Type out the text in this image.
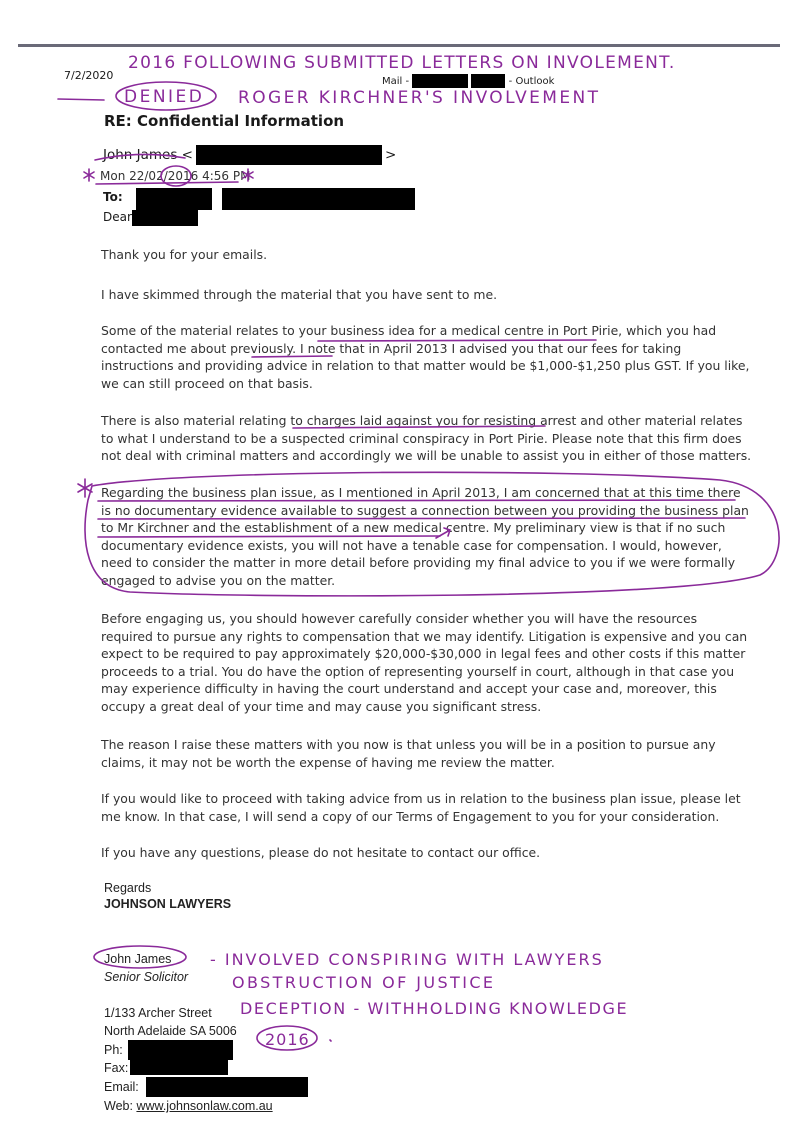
7/2/2020	Mail -	- Outlook
2016 FOLLOWING SUBMITTED LETTERS ON INVOLEMENT.
DENIED ROGER KIRCHNER'S INVOLVEMENT
RE: Confidential Information
John James <	>
Mon 22/02/2016 4:56 PM
To:
Dear
Thank you for your emails.
I have skimmed through the material that you have sent to me.
Some of the material relates to your business idea for a medical centre in Port Pirie, which you had contacted me about previously. I note that in April 2013 I advised you that our fees for taking instructions and providing advice in relation to that matter would be $1,000-$1,250 plus GST. If you like, we can still proceed on that basis.
There is also material relating to charges laid against you for resisting arrest and other material relates to what I understand to be a suspected criminal conspiracy in Port Pirie. Please note that this firm does not deal with criminal matters and accordingly we will be unable to assist you in either of those matters.
Regarding the business plan issue, as I mentioned in April 2013, I am concerned that at this time there is no documentary evidence available to suggest a connection between you providing the business plan to Mr Kirchner and the establishment of a new medical centre. My preliminary view is that if no such documentary evidence exists, you will not have a tenable case for compensation. I would, however, need to consider the matter in more detail before providing my final advice to you if we were formally engaged to advise you on the matter.
Before engaging us, you should however carefully consider whether you will have the resources required to pursue any rights to compensation that we may identify. Litigation is expensive and you can expect to be required to pay approximately $20,000-$30,000 in legal fees and other costs if this matter proceeds to a trial. You do have the option of representing yourself in court, although in that case you may experience difficulty in having the court understand and accept your case and, moreover, this occupy a great deal of your time and may cause you significant stress.
The reason I raise these matters with you now is that unless you will be in a position to pursue any claims, it may not be worth the expense of having me review the matter.
If you would like to proceed with taking advice from us in relation to the business plan issue, please let me know. In that case, I will send a copy of our Terms of Engagement to you for your consideration.
If you have any questions, please do not hesitate to contact our office.
Regards
JOHNSON LAWYERS
John James
Senior Solicitor
1/133 Archer Street
North Adelaide SA 5006
Ph:
Fax:
Email:
Web: www.johnsonlaw.com.au
- INVOLVED CONSPIRING WITH LAWYERS
OBSTRUCTION OF JUSTICE
DECEPTION - WITHHOLDING KNOWLEDGE
2016
